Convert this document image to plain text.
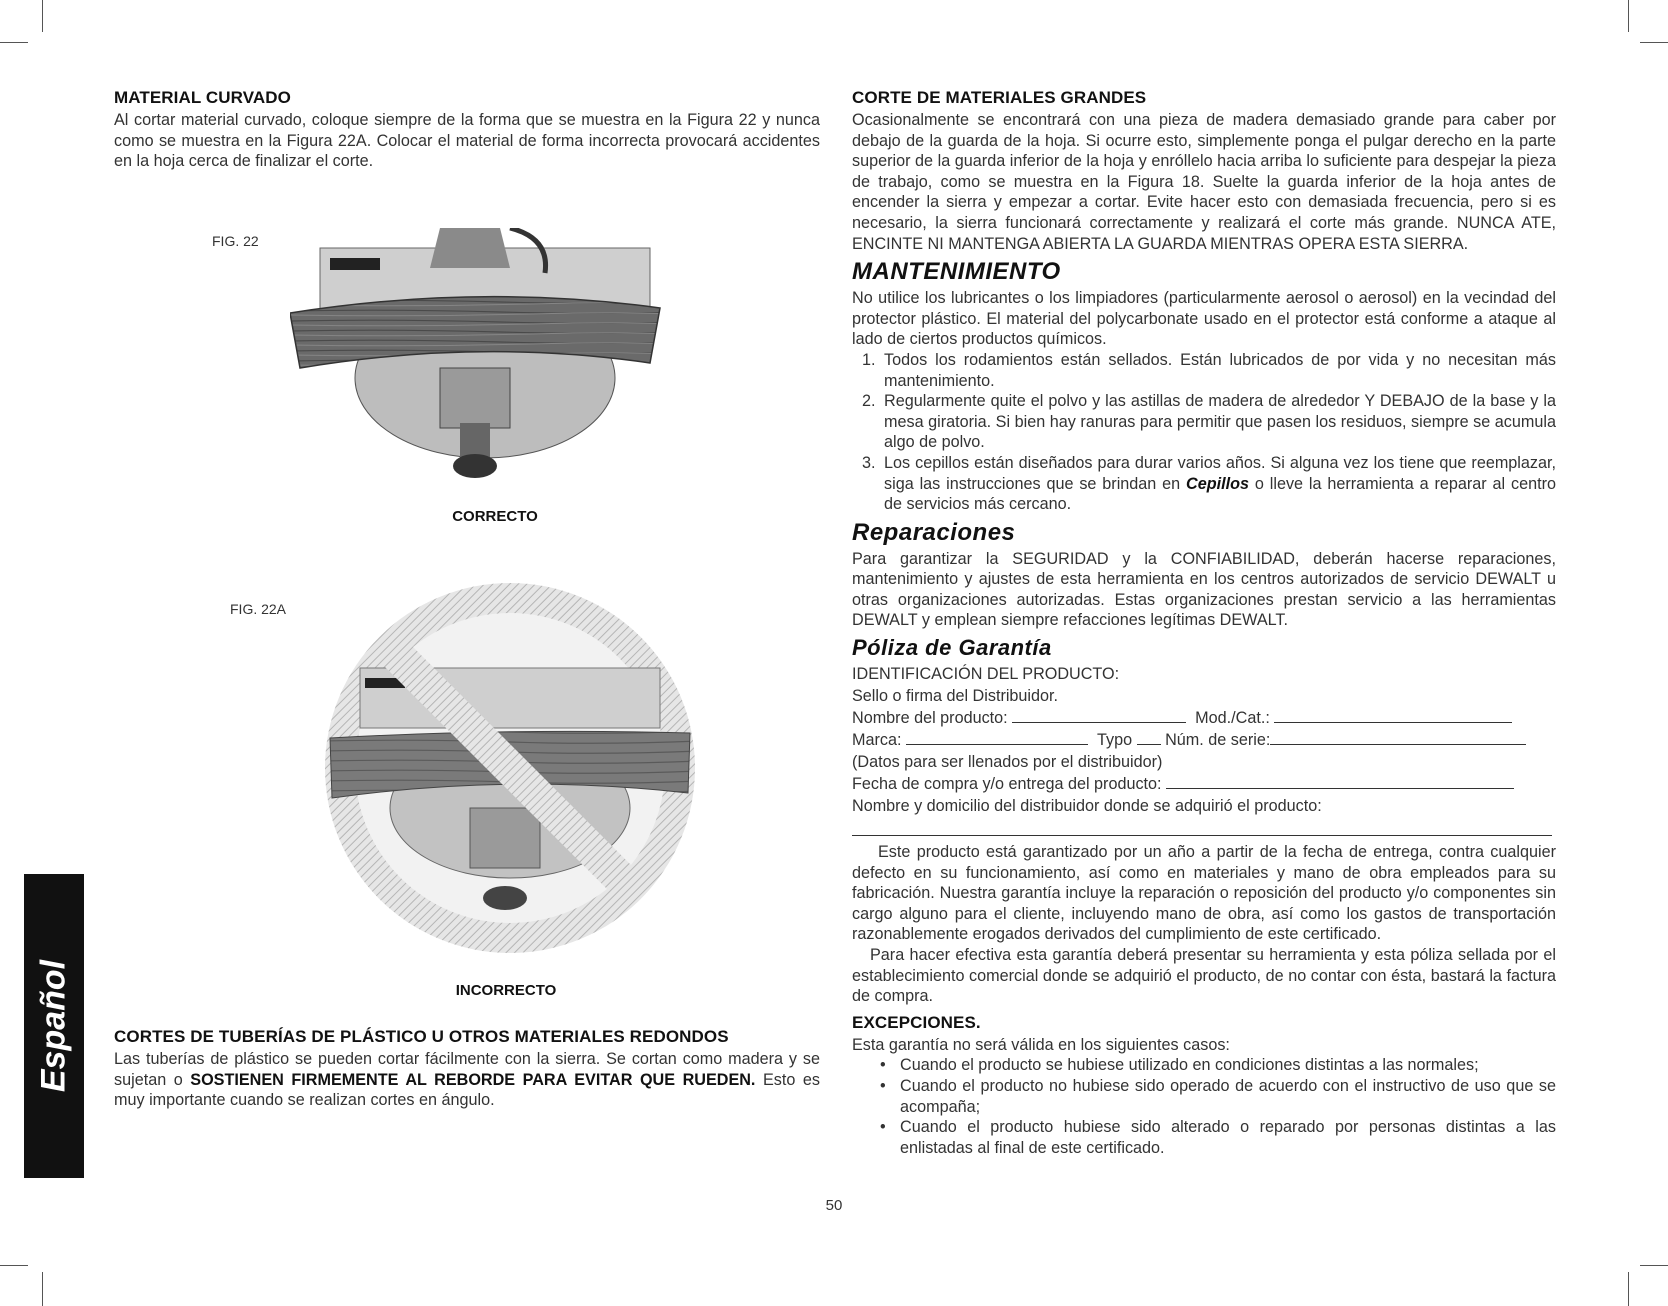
MATERIAL CURVADO

Al cortar material curvado, coloque siempre de la forma que se muestra en la Figura 22 y nunca como se muestra en la Figura 22A. Colocar el material de forma incorrecta provocará accidentes en la hoja cerca de finalizar el corte.

FIG. 22
CORRECTO
FIG. 22A
INCORRECTO
CORTES DE TUBERÍAS DE PLÁSTICO U OTROS MATERIALES REDONDOS

Las tuberías de plástico se pueden cortar fácilmente con la sierra. Se cortan como madera y se sujetan o SOSTIENEN FIRMEMENTE AL REBORDE PARA EVITAR QUE RUEDEN. Esto es muy importante cuando se realizan cortes en ángulo.

CORTE DE MATERIALES GRANDES

Ocasionalmente se encontrará con una pieza de madera demasiado grande para caber por debajo de la guarda de la hoja. Si ocurre esto, simplemente ponga el pulgar derecho en la parte superior de la guarda inferior de la hoja y enróllelo hacia arriba lo suficiente para despejar la pieza de trabajo, como se muestra en la Figura 18. Suelte la guarda inferior de la hoja antes de encender la sierra y empezar a cortar. Evite hacer esto con demasiada frecuencia, pero si es necesario, la sierra funcionará correctamente y realizará el corte más grande. NUNCA ATE, ENCINTE NI MANTENGA ABIERTA LA GUARDA MIENTRAS OPERA ESTA SIERRA.

MANTENIMIENTO

No utilice los lubricantes o los limpiadores (particularmente aerosol o aerosol) en la vecindad del protector plástico. El material del polycarbonate usado en el protector está conforme a ataque al lado de ciertos productos químicos.

1. Todos los rodamientos están sellados. Están lubricados de por vida y no necesitan más mantenimiento.
2. Regularmente quite el polvo y las astillas de madera de alrededor Y DEBAJO de la base y la mesa giratoria. Si bien hay ranuras para permitir que pasen los residuos, siempre se acumula algo de polvo.
3. Los cepillos están diseñados para durar varios años. Si alguna vez los tiene que reemplazar, siga las instrucciones que se brindan en Cepillos o lleve la herramienta a reparar al centro de servicios más cercano.
Reparaciones

Para garantizar la SEGURIDAD y la CONFIABILIDAD, deberán hacerse reparaciones, mantenimiento y ajustes de esta herramienta en los centros autorizados de servicio DEWALT u otras organizaciones autorizadas. Estas organizaciones prestan servicio a las herramientas DEWALT y emplean siempre refacciones legítimas DEWALT.

Póliza de Garantía
IDENTIFICACIÓN DEL PRODUCTO:
Sello o firma del Distribuidor.
Nombre del producto:	Mod./Cat.:
Marca:	Typo Núm. de serie:
(Datos para ser llenados por el distribuidor)
Fecha de compra y/o entrega del producto:
Nombre y domicilio del distribuidor donde se adquirió el producto:

Este producto está garantizado por un año a partir de la fecha de entrega, contra cualquier defecto en su funcionamiento, así como en materiales y mano de obra empleados para su fabricación. Nuestra garantía incluye la reparación o reposición del producto y/o componentes sin cargo alguno para el cliente, incluyendo mano de obra, así como los gastos de transportación razonablemente erogados derivados del cumplimiento de este certificado.

Para hacer efectiva esta garantía deberá presentar su herramienta y esta póliza sellada por el establecimiento comercial donde se adquirió el producto, de no contar con ésta, bastará la factura de compra.

EXCEPCIONES.

Esta garantía no será válida en los siguientes casos:

• Cuando el producto se hubiese utilizado en condiciones distintas a las normales;
• Cuando el producto no hubiese sido operado de acuerdo con el instructivo de uso que se acompaña;
• Cuando el producto hubiese sido alterado o reparado por personas distintas a las enlistadas al final de este certificado.
Español
50
